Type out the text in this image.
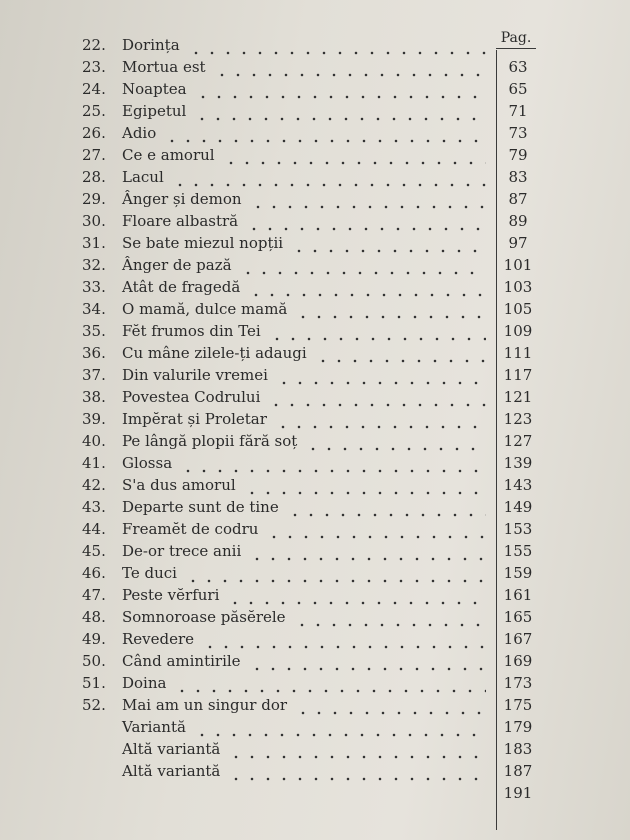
Pag.
22.	Dorința
23.	Mortua est	63
24.	Noaptea	65
25.	Egipetul	71
26.	Adio	73
27.	Ce e amorul	79
28.	Lacul	83
29.	Ânger și demon	87
30.	Floare albastră	89
31.	Se bate miezul nopții	97
32.	Ânger de pază	101
33.	Atât de fragedă	103
34.	O mamă, dulce mamă	105
35.	Fĕt frumos din Tei	109
36.	Cu mâne zilele-ți adaugi	111
37.	Din valurile vremei	117
38.	Povestea Codrului	121
39.	Impĕrat și Proletar	123
40.	Pe lângă plopii fără soț	127
41.	Glossa	139
42.	S'a dus amorul	143
43.	Departe sunt de tine	149
44.	Freamĕt de codru	153
45.	De-or trece anii	155
46.	Te duci	159
47.	Peste vĕrfuri	161
48.	Somnoroase păsĕrele	165
49.	Revedere	167
50.	Când amintirile	169
51.	Doina	173
52.	Mai am un singur dor	175
Variantă	179
Altă variantă	183
Altă variantă	187
191
